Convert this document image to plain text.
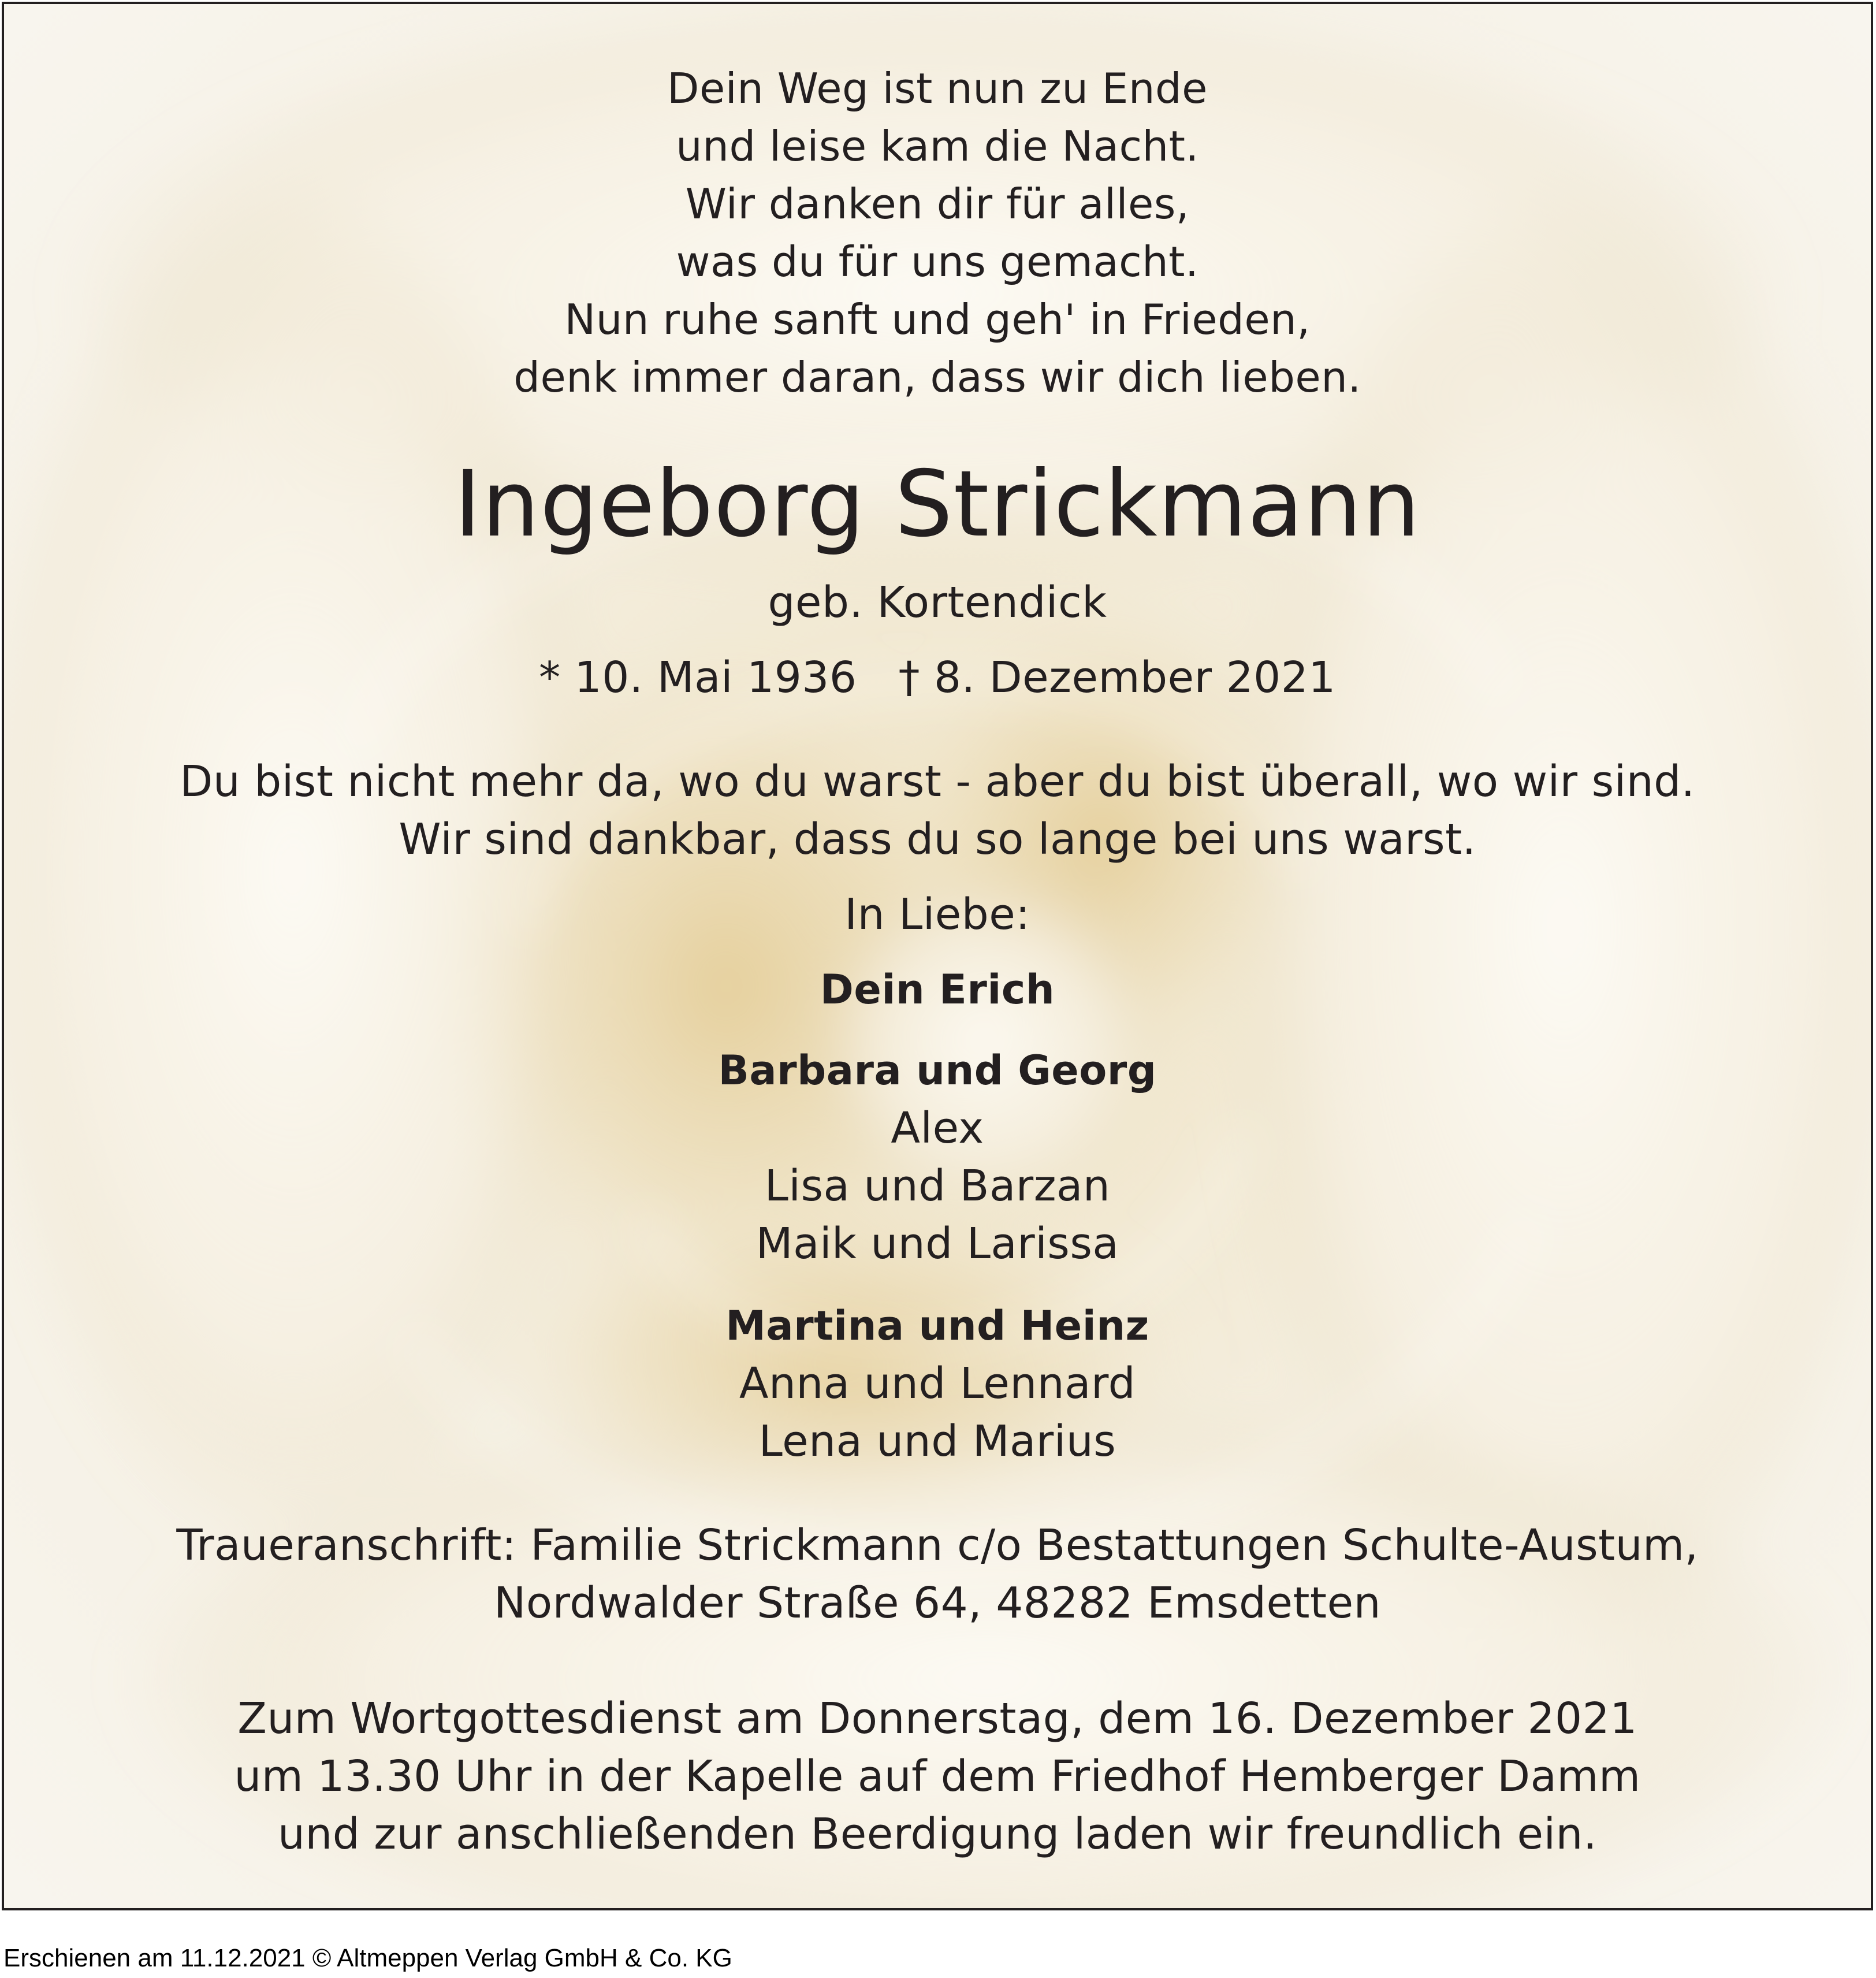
Dein Weg ist nun zu Ende
und leise kam die Nacht.
Wir danken dir für alles,
was du für uns gemacht.
Nun ruhe sanft und geh' in Frieden,
denk immer daran, dass wir dich lieben.
Ingeborg Strickmann
geb. Kortendick
* 10. Mai 1936   † 8. Dezember 2021
Du bist nicht mehr da, wo du warst - aber du bist überall, wo wir sind.
Wir sind dankbar, dass du so lange bei uns warst.
In Liebe:
Dein Erich
Barbara und Georg
Alex
Lisa und Barzan
Maik und Larissa
Martina und Heinz
Anna und Lennard
Lena und Marius
Traueranschrift: Familie Strickmann c/o Bestattungen Schulte-Austum,
Nordwalder Straße 64, 48282 Emsdetten
Zum Wortgottesdienst am Donnerstag, dem 16. Dezember 2021
um 13.30 Uhr in der Kapelle auf dem Friedhof Hemberger Damm
und zur anschließenden Beerdigung laden wir freundlich ein.
Erschienen am 11.12.2021 © Altmeppen Verlag GmbH & Co. KG
